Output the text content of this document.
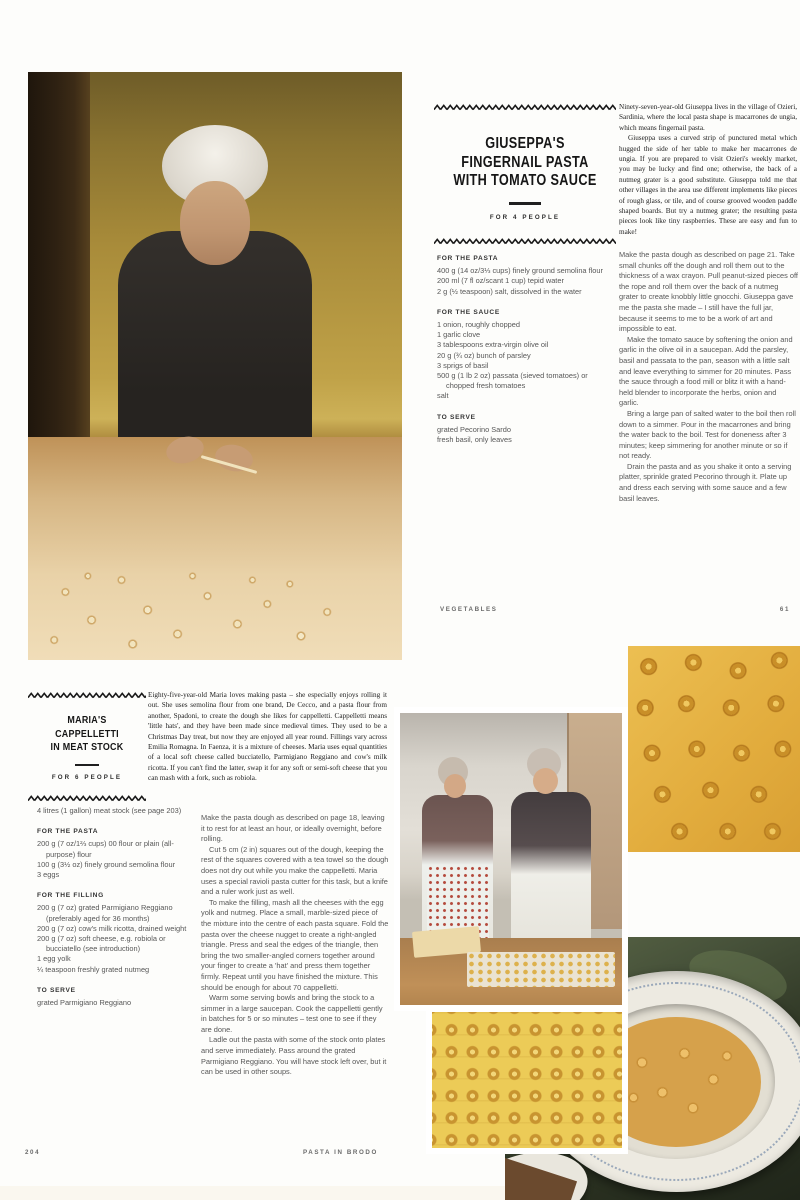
GIUSEPPA'S
FINGERNAIL PASTA
WITH TOMATO SAUCE
FOR 4 PEOPLE

Ninety-seven-year-old Giuseppa lives in the village of Ozieri, Sardinia, where the local pasta shape is macarrones de ungia, which means fingernail pasta.

Giuseppa uses a curved strip of punctured metal which hugged the side of her table to make her macarrones de ungia. If you are prepared to visit Ozieri's weekly market, you may be lucky and find one; otherwise, the back of a nutmeg grater is a good substitute. Giuseppa told me that other villages in the area use different implements like pieces of rough glass, or tile, and of course grooved wooden paddle shaped boards. But try a nutmeg grater; the resulting pasta pieces look like tiny raspberries. These are easy and fun to make!

FOR THE PASTA
400 g (14 oz/3⅓ cups) finely ground semolina flour
200 ml (7 fl oz/scant 1 cup) tepid water
2 g (½ teaspoon) salt, dissolved in the water
FOR THE SAUCE
1 onion, roughly chopped
1 garlic clove
3 tablespoons extra-virgin olive oil
20 g (¾ oz) bunch of parsley
3 sprigs of basil
500 g (1 lb 2 oz) passata (sieved tomatoes) or chopped fresh tomatoes
salt
TO SERVE
grated Pecorino Sardo
fresh basil, only leaves
Make the pasta dough as described on page 21. Take small chunks off the dough and roll them out to the thickness of a wax crayon. Pull peanut-sized pieces off the rope and roll them over the back of a nutmeg grater to create knobbly little gnocchi. Giuseppa gave me the pasta she made – I still have the full jar, because it seems to me to be a work of art and impossible to eat.
Make the tomato sauce by softening the onion and garlic in the olive oil in a saucepan. Add the parsley, basil and passata to the pan, season with a little salt and leave everything to simmer for 20 minutes. Pass the sauce through a food mill or blitz it with a hand-held blender to incorporate the herbs, onion and garlic.
Bring a large pan of salted water to the boil then roll down to a simmer. Pour in the macarrones and bring the water back to the boil. Test for doneness after 3 minutes; keep simmering for another minute or so if not ready.
Drain the pasta and as you shake it onto a serving platter, sprinkle grated Pecorino through it. Plate up and dress each serving with some sauce and a few basil leaves.
VEGETABLES	61
MARIA'S CAPPELLETTI
IN MEAT STOCK
FOR 6 PEOPLE

Eighty-five-year-old Maria loves making pasta – she especially enjoys rolling it out. She uses semolina flour from one brand, De Cecco, and a pasta flour from another, Spadoni, to create the dough she likes for cappelletti. Cappelletti means 'little hats', and they have been made since medieval times. They used to be a Christmas Day treat, but now they are enjoyed all year round. Fillings vary across Emilia Romagna. In Faenza, it is a mixture of cheeses. Maria uses equal quantities of a local soft cheese called bucciatello, Parmigiano Reggiano and cow's milk ricotta. If you can't find the latter, swap it for any soft or semi-soft cheese that you can mash with a fork, such as robiola.

4 litres (1 gallon) meat stock (see page 203)
FOR THE PASTA
200 g (7 oz/1⅔ cups) 00 flour or plain (all-purpose) flour
100 g (3½ oz) finely ground semolina flour
3 eggs
FOR THE FILLING
200 g (7 oz) grated Parmigiano Reggiano (preferably aged for 36 months)
200 g (7 oz) cow's milk ricotta, drained weight
200 g (7 oz) soft cheese, e.g. robiola or bucciatello (see introduction)
1 egg yolk
¼ teaspoon freshly grated nutmeg
TO SERVE
grated Parmigiano Reggiano
Make the pasta dough as described on page 18, leaving it to rest for at least an hour, or ideally overnight, before rolling.
Cut 5 cm (2 in) squares out of the dough, keeping the rest of the squares covered with a tea towel so the dough does not dry out while you make the cappelletti. Maria uses a special ravioli pasta cutter for this task, but a knife and a ruler work just as well.
To make the filling, mash all the cheeses with the egg yolk and nutmeg. Place a small, marble-sized piece of the mixture into the centre of each pasta square. Fold the pasta over the cheese nugget to create a right-angled triangle. Press and seal the edges of the triangle, then bring the two smaller-angled corners together around your finger to create a 'hat' and press them together firmly. Repeat until you have finished the mixture. This should be enough for about 70 cappelletti.
Warm some serving bowls and bring the stock to a simmer in a large saucepan. Cook the cappelletti gently in batches for 5 or so minutes – test one to see if they are done.
Ladle out the pasta with some of the stock onto plates and serve immediately. Pass around the grated Parmigiano Reggiano. You will have stock left over, but it can be used in other soups.
204	PASTA IN BRODO
